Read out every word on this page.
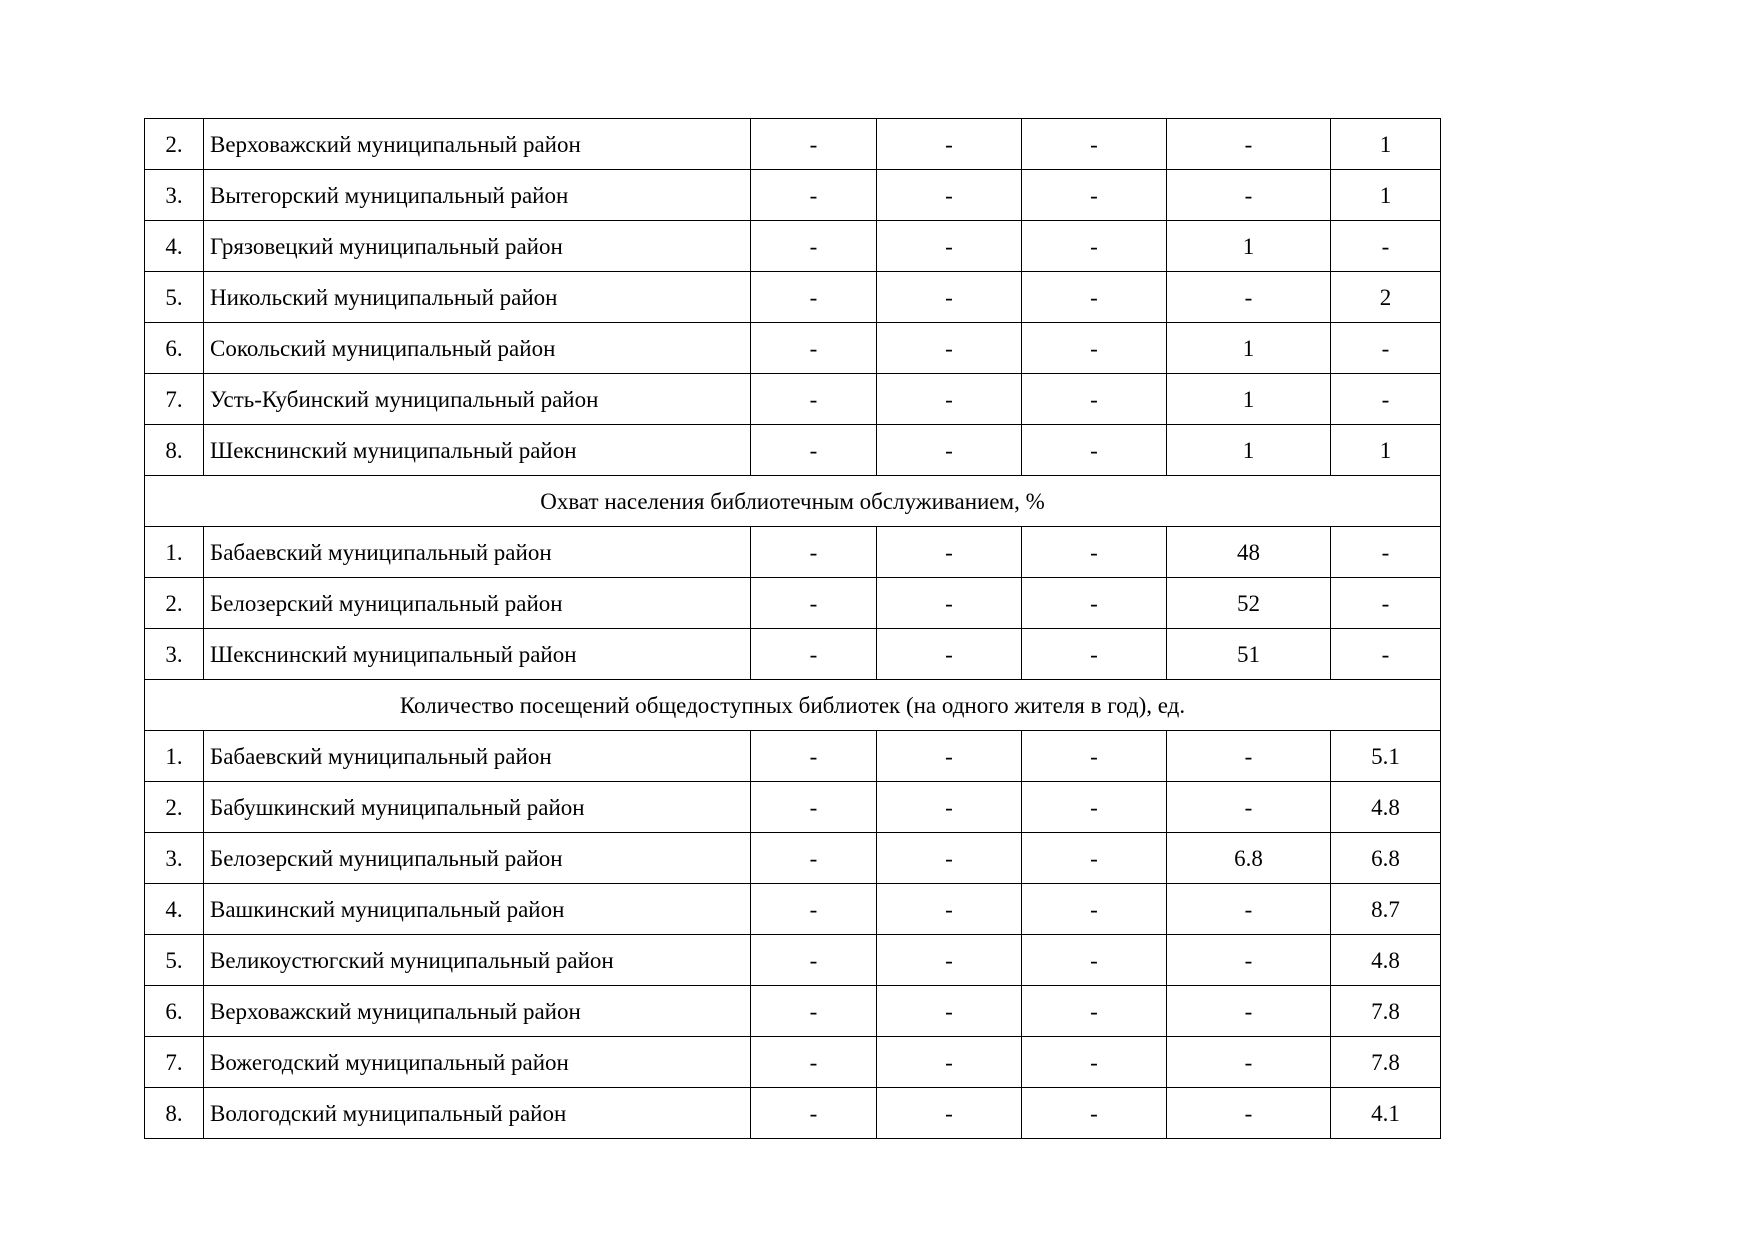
2.	Верховажский муниципальный район	-	-	-	-	1
3.	Вытегорский муниципальный район	-	-	-	-	1
4.	Грязовецкий муниципальный район	-	-	-	1	-
5.	Никольский муниципальный район	-	-	-	-	2
6.	Сокольский муниципальный район	-	-	-	1	-
7.	Усть-Кубинский муниципальный район	-	-	-	1	-
8.	Шекснинский муниципальный район	-	-	-	1	1
Охват населения библиотечным обслуживанием, %						
1.	Бабаевский муниципальный район	-	-	-	48	-
2.	Белозерский муниципальный район	-	-	-	52	-
3.	Шекснинский муниципальный район	-	-	-	51	-
Количество посещений общедоступных библиотек (на одного жителя в год), ед.						
1.	Бабаевский муниципальный район	-	-	-	-	5.1
2.	Бабушкинский муниципальный район	-	-	-	-	4.8
3.	Белозерский муниципальный район	-	-	-	6.8	6.8
4.	Вашкинский муниципальный район	-	-	-	-	8.7
5.	Великоустюгский муниципальный район	-	-	-	-	4.8
6.	Верховажский муниципальный район	-	-	-	-	7.8
7.	Вожегодский муниципальный район	-	-	-	-	7.8
8.	Вологодский муниципальный район	-	-	-	-	4.1
